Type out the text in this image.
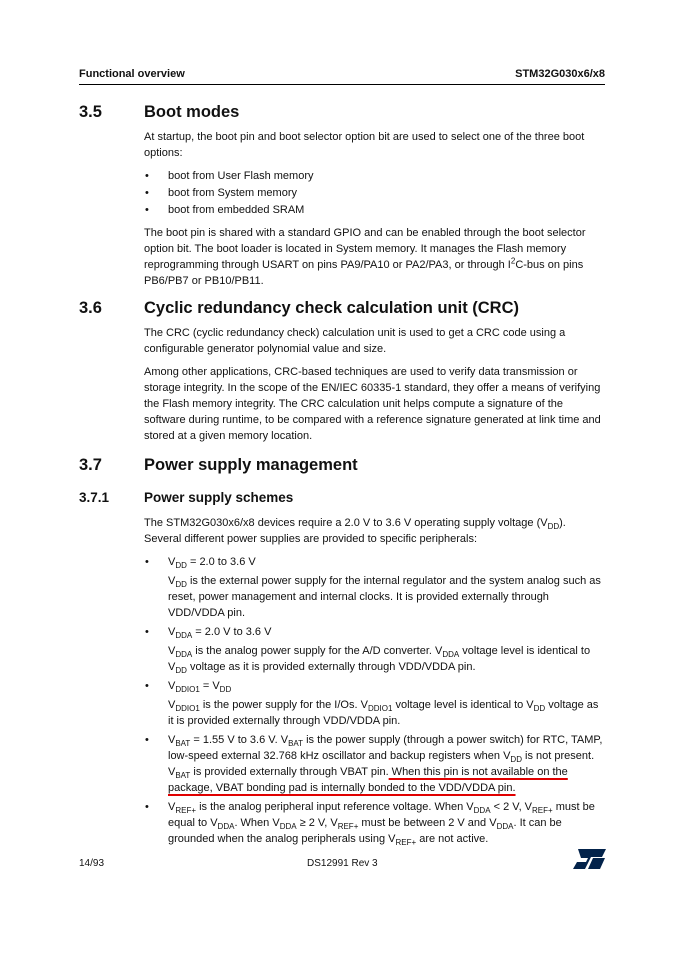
Functional overview	STM32G030x6/x8
3.5	Boot modes

At startup, the boot pin and boot selector option bit are used to select one of the three boot options:

• boot from User Flash memory
• boot from System memory
• boot from embedded SRAM

The boot pin is shared with a standard GPIO and can be enabled through the boot selector option bit. The boot loader is located in System memory. It manages the Flash memory reprogramming through USART on pins PA9/PA10 or PA2/PA3, or through $I^2C$-bus on pins PB6/PB7 or PB10/PB11.

3.6	Cyclic redundancy check calculation unit (CRC)

The CRC (cyclic redundancy check) calculation unit is used to get a CRC code using a configurable generator polynomial value and size.

Among other applications, CRC-based techniques are used to verify data transmission or storage integrity. In the scope of the EN/IEC 60335-1 standard, they offer a means of verifying the Flash memory integrity. The CRC calculation unit helps compute a signature of the software during runtime, to be compared with a reference signature generated at link time and stored at a given memory location.

3.7	Power supply management
3.7.1	Power supply schemes

The STM32G030x6/x8 devices require a 2.0 V to 3.6 V operating supply voltage $(V_{DD})$. Several different power supplies are provided to specific peripherals:

• $V_{DD} = 2.0$ to 3.6 V

$V_{DD}$ is the external power supply for the internal regulator and the system analog such as reset, power management and internal clocks. It is provided externally through VDD/VDDA pin.

• $V_{DDA} = 2.0$ V to 3.6 V

$V_{DDA}$ is the analog power supply for the A/D converter. $V_{DDA}$ voltage level is identical to $V_{DD}$ voltage as it is provided externally through VDD/VDDA pin.

• $V_{DDIO1} = V_{DD}$

$V_{DDIO1}$ is the power supply for the I/Os. $V_{DDIO1}$ voltage level is identical to $V_{DD}$ voltage as it is provided externally through VDD/VDDA pin.

• $V_{BAT} = 1.55$ V to 3.6 V. $V_{BAT}$ is the power supply (through a power switch) for RTC, TAMP, low-speed external 32.768 kHz oscillator and backup registers when $V_{DD}$ is not present. $V_{BAT}$ is provided externally through VBAT pin. When this pin is not available on the package, VBAT bonding pad is internally bonded to the VDD/VDDA pin.

• $V_{REF+}$ is the analog peripheral input reference voltage. When $V_{DDA} < 2$ V, $V_{REF+}$ must be equal to $V_{DDA}$. When $V_{DDA} \ge 2$ V, $V_{REF+}$ must be between 2 V and $V_{DDA}$. It can be grounded when the analog peripherals using $V_{REF+}$ are not active.

14/93	DS12991 Rev 3
